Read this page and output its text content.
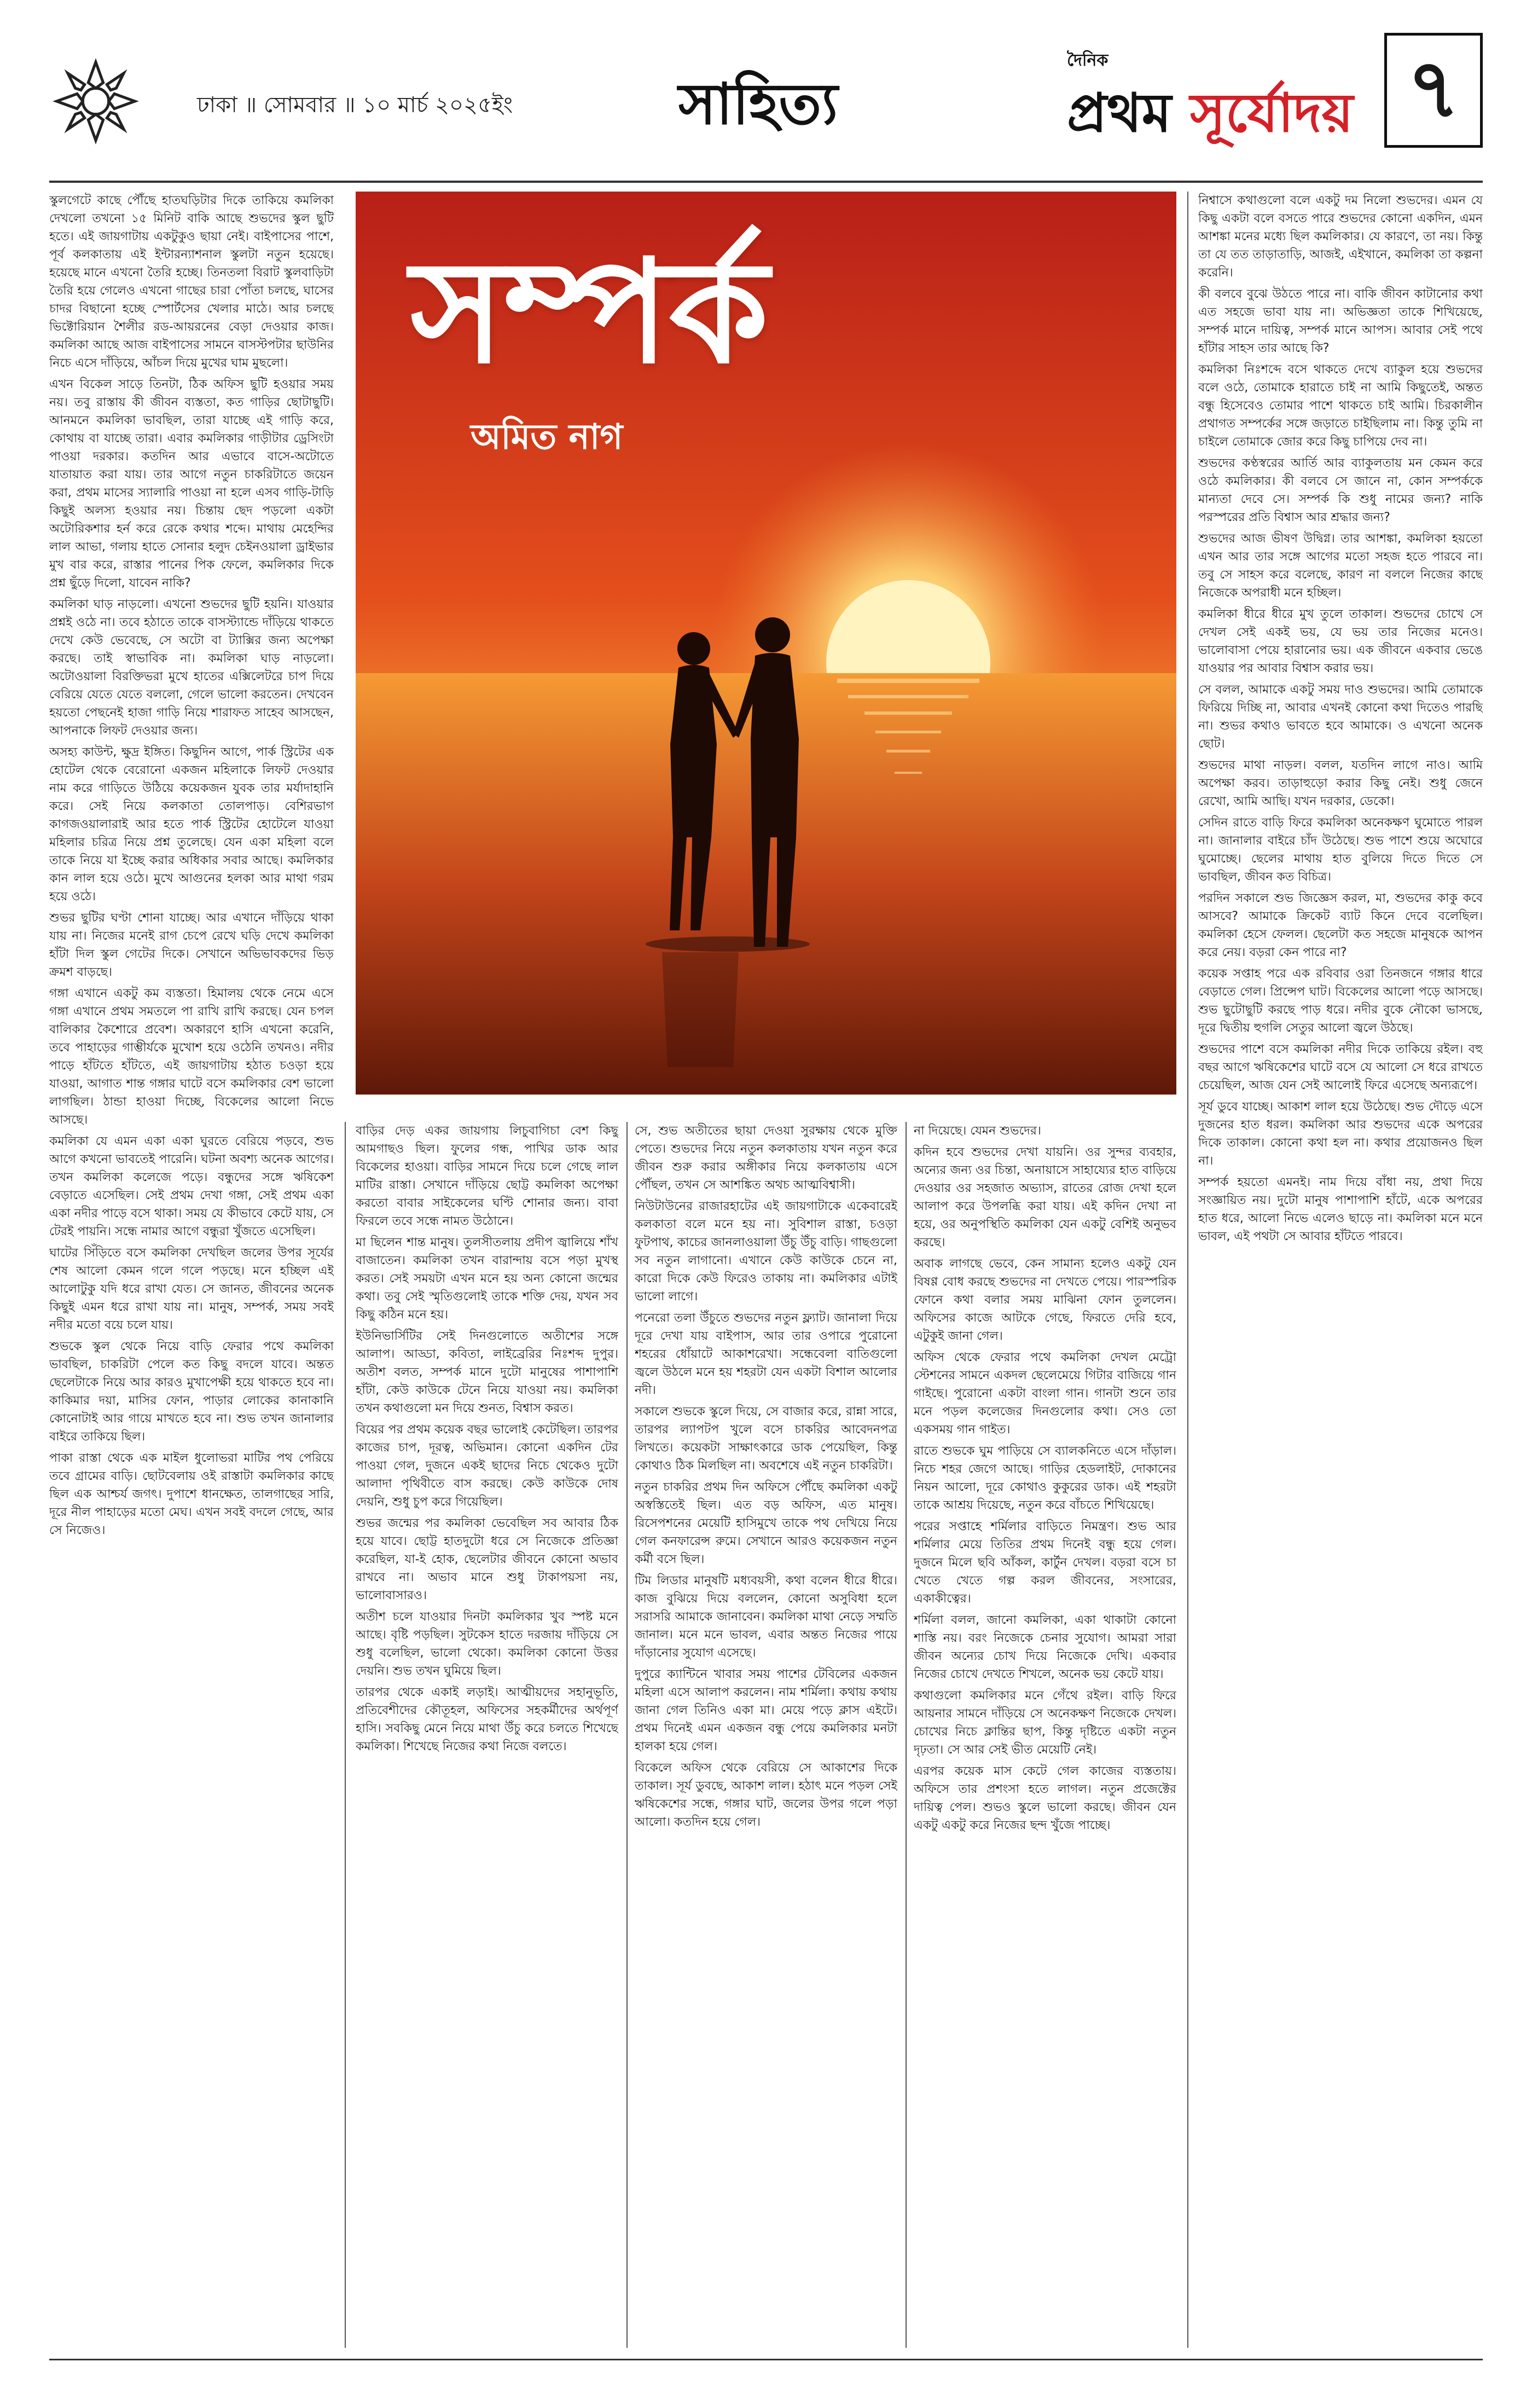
ঢাকা ॥ সোমবার ॥ ১০ মার্চ ২০২৫ইং	সাহিত্য
দৈনিক
প্রথম সূর্যোদয় ৭

স্কুলগেটে কাছে পৌঁছে হাতঘড়িটার দিকে তাকিয়ে কমলিকা দেখলো তখনো ১৫ মিনিট বাকি আছে শুভদের স্কুল ছুটি হতে। এই জায়গাটায় একটুকুও ছায়া নেই। বাইপাসের পাশে, পূর্ব কলকাতায় এই ইন্টারন্যাশনাল স্কুলটা নতুন হয়েছে। হয়েছে মানে এখনো তৈরি হচ্ছে। তিনতলা বিরাট স্কুলবাড়িটা তৈরি হয়ে গেলেও এখনো গাছের চারা পোঁতা চলছে, ঘাসের চাদর বিছানো হচ্ছে স্পোর্টসের খেলার মাঠে। আর চলছে ভিক্টোরিয়ান শৈলীর রড-আয়রনের বেড়া দেওয়ার কাজ। কমলিকা আছে আজ বাইপাসের সামনে বাসস্টপটার ছাউনির নিচে এসে দাঁড়িয়ে, আঁচল দিয়ে মুখের ঘাম মুছলো।

এখন বিকেল সাড়ে তিনটা, ঠিক অফিস ছুটি হওয়ার সময় নয়। তবু রাস্তায় কী জীবন ব্যস্ততা, কত গাড়ির ছোটাছুটি। আনমনে কমলিকা ভাবছিল, তারা যাচ্ছে এই গাড়ি করে, কোথায় বা যাচ্ছে তারা। এবার কমলিকার গাড়ীটার ড্রেসিংটা পাওয়া দরকার। কতদিন আর এভাবে বাসে-অটোতে যাতায়াত করা যায়। তার আগে নতুন চাকরিটাতে জয়েন করা, প্রথম মাসের স্যালারি পাওয়া না হলে এসব গাড়ি-টাড়ি কিছুই অলস্য হওয়ার নয়। চিন্তায় ছেদ পড়লো একটা অটোরিকশার হর্ন করে রেকে কথার শব্দে। মাথায় মেহেন্দির লাল আভা, গলায় হাতে সোনার হলুদ চেইনওয়ালা ড্রাইভার মুখ বার করে, রাস্তার পানের পিক ফেলে, কমলিকার দিকে প্রশ্ন ছুঁড়ে দিলো, যাবেন নাকি?

কমলিকা ঘাড় নাড়লো। এখনো শুভদের ছুটি হয়নি। যাওয়ার প্রশ্নই ওঠে না। তবে হঠাতে তাকে বাসস্ট্যান্ডে দাঁড়িয়ে থাকতে দেখে কেউ ভেবেছে, সে অটো বা ট্যাক্সির জন্য অপেক্ষা করছে। তাই স্বাভাবিক না। কমলিকা ঘাড় নাড়লো। অটোওয়ালা বিরক্তিভরা মুখে হাতের এক্সিলেটরে চাপ দিয়ে বেরিয়ে যেতে যেতে বললো, গেলে ভালো করতেন। দেখবেন হয়তো পেছনেই হাজা গাড়ি নিয়ে শারাফত সাহেব আসছেন, আপনাকে লিফট দেওয়ার জন্য।

অসহ্য কাউন্ট, ক্ষুদ্র ইঙ্গিত। কিছুদিন আগে, পার্ক স্ট্রিটের এক হোটেল থেকে বেরোনো একজন মহিলাকে লিফট দেওয়ার নাম করে গাড়িতে উঠিয়ে কয়েকজন যুবক তার মর্যাদাহানি করে। সেই নিয়ে কলকাতা তোলপাড়। বেশিরভাগ কাগজওয়ালারাই আর হতে পার্ক স্ট্রিটের হোটেলে যাওয়া মহিলার চরিত্র নিয়ে প্রশ্ন তুলেছে। যেন একা মহিলা বলে তাকে নিয়ে যা ইচ্ছে করার অধিকার সবার আছে। কমলিকার কান লাল হয়ে ওঠে। মুখে আগুনের হলকা আর মাথা গরম হয়ে ওঠে।

শুভর ছুটির ঘণ্টা শোনা যাচ্ছে। আর এখানে দাঁড়িয়ে থাকা যায় না। নিজের মনেই রাগ চেপে রেখে ঘড়ি দেখে কমলিকা হাঁটা দিল স্কুল গেটের দিকে। সেখানে অভিভাবকদের ভিড় ক্রমশ বাড়ছে।

গঙ্গা এখানে একটু কম ব্যস্ততা। হিমালয় থেকে নেমে এসে গঙ্গা এখানে প্রথম সমতলে পা রাখি রাখি করছে। যেন চপল বালিকার কৈশোরে প্রবেশ। অকারণে হাসি এখনো করেনি, তবে পাহাড়ের গাম্ভীর্যকে মুখোশ হয়ে ওঠেনি তখনও। নদীর পাড়ে হাঁটতে হাঁটতে, এই জায়গাটায় হঠাত চওড়া হয়ে যাওয়া, আগাত শান্ত গঙ্গার ঘাটে বসে কমলিকার বেশ ভালো লাগছিল। ঠান্ডা হাওয়া দিচ্ছে, বিকেলের আলো নিভে আসছে।

কমলিকা যে এমন একা একা ঘুরতে বেরিয়ে পড়বে, শুভ আগে কখনো ভাবতেই পারেনি। ঘটনা অবশ্য অনেক আগের। তখন কমলিকা কলেজে পড়ে। বন্ধুদের সঙ্গে ঋষিকেশ বেড়াতে এসেছিল। সেই প্রথম দেখা গঙ্গা, সেই প্রথম একা একা নদীর পাড়ে বসে থাকা। সময় যে কীভাবে কেটে যায়, সে টেরই পায়নি। সন্ধে নামার আগে বন্ধুরা খুঁজতে এসেছিল।

ঘাটের সিঁড়িতে বসে কমলিকা দেখছিল জলের উপর সূর্যের শেষ আলো কেমন গলে গলে পড়ছে। মনে হচ্ছিল এই আলোটুকু যদি ধরে রাখা যেত। সে জানত, জীবনের অনেক কিছুই এমন ধরে রাখা যায় না। মানুষ, সম্পর্ক, সময় সবই নদীর মতো বয়ে চলে যায়।

শুভকে স্কুল থেকে নিয়ে বাড়ি ফেরার পথে কমলিকা ভাবছিল, চাকরিটা পেলে কত কিছু বদলে যাবে। অন্তত ছেলেটাকে নিয়ে আর কারও মুখাপেক্ষী হয়ে থাকতে হবে না। কাকিমার দয়া, মাসির ফোন, পাড়ার লোকের কানাকানি কোনোটাই আর গায়ে মাখতে হবে না। শুভ তখন জানালার বাইরে তাকিয়ে ছিল।

পাকা রাস্তা থেকে এক মাইল ধুলোভরা মাটির পথ পেরিয়ে তবে গ্রামের বাড়ি। ছোটবেলায় ওই রাস্তাটা কমলিকার কাছে ছিল এক আশ্চর্য জগৎ। দুপাশে ধানক্ষেত, তালগাছের সারি, দূরে নীল পাহাড়ের মতো মেঘ। এখন সবই বদলে গেছে, আর সে নিজেও।

সম্পর্ক
অমিত নাগ

বাড়ির দেড় একর জায়গায় লিচুবাগিচা বেশ কিছু আমগাছও ছিল। ফুলের গন্ধ, পাখির ডাক আর বিকেলের হাওয়া। বাড়ির সামনে দিয়ে চলে গেছে লাল মাটির রাস্তা। সেখানে দাঁড়িয়ে ছোট্ট কমলিকা অপেক্ষা করতো বাবার সাইকেলের ঘণ্টি শোনার জন্য। বাবা ফিরলে তবে সন্ধে নামত উঠোনে।

মা ছিলেন শান্ত মানুষ। তুলসীতলায় প্রদীপ জ্বালিয়ে শাঁখ বাজাতেন। কমলিকা তখন বারান্দায় বসে পড়া মুখস্থ করত। সেই সময়টা এখন মনে হয় অন্য কোনো জন্মের কথা। তবু সেই স্মৃতিগুলোই তাকে শক্তি দেয়, যখন সব কিছু কঠিন মনে হয়।

ইউনিভার্সিটির সেই দিনগুলোতে অতীশের সঙ্গে আলাপ। আড্ডা, কবিতা, লাইব্রেরির নিঃশব্দ দুপুর। অতীশ বলত, সম্পর্ক মানে দুটো মানুষের পাশাপাশি হাঁটা, কেউ কাউকে টেনে নিয়ে যাওয়া নয়। কমলিকা তখন কথাগুলো মন দিয়ে শুনত, বিশ্বাস করত।

বিয়ের পর প্রথম কয়েক বছর ভালোই কেটেছিল। তারপর কাজের চাপ, দূরত্ব, অভিমান। কোনো একদিন টের পাওয়া গেল, দুজনে একই ছাদের নিচে থেকেও দুটো আলাদা পৃথিবীতে বাস করছে। কেউ কাউকে দোষ দেয়নি, শুধু চুপ করে গিয়েছিল।

শুভর জন্মের পর কমলিকা ভেবেছিল সব আবার ঠিক হয়ে যাবে। ছোট্ট হাতদুটো ধরে সে নিজেকে প্রতিজ্ঞা করেছিল, যা-ই হোক, ছেলেটার জীবনে কোনো অভাব রাখবে না। অভাব মানে শুধু টাকাপয়সা নয়, ভালোবাসারও।

অতীশ চলে যাওয়ার দিনটা কমলিকার খুব স্পষ্ট মনে আছে। বৃষ্টি পড়ছিল। সুটকেস হাতে দরজায় দাঁড়িয়ে সে শুধু বলেছিল, ভালো থেকো। কমলিকা কোনো উত্তর দেয়নি। শুভ তখন ঘুমিয়ে ছিল।

তারপর থেকে একাই লড়াই। আত্মীয়দের সহানুভূতি, প্রতিবেশীদের কৌতূহল, অফিসের সহকর্মীদের অর্থপূর্ণ হাসি। সবকিছু মেনে নিয়ে মাথা উঁচু করে চলতে শিখেছে কমলিকা। শিখেছে নিজের কথা নিজে বলতে।

সে, শুভ অতীতের ছায়া দেওয়া সুরক্ষায় থেকে মুক্তি পেতে। শুভদের নিয়ে নতুন কলকাতায় যখন নতুন করে জীবন শুরু করার অঙ্গীকার নিয়ে কলকাতায় এসে পৌঁছল, তখন সে আশঙ্কিত অথচ আত্মবিশ্বাসী।

নিউটাউনের রাজারহাটের এই জায়গাটাকে একেবারেই কলকাতা বলে মনে হয় না। সুবিশাল রাস্তা, চওড়া ফুটপাথ, কাচের জানলাওয়ালা উঁচু উঁচু বাড়ি। গাছগুলো সব নতুন লাগানো। এখানে কেউ কাউকে চেনে না, কারো দিকে কেউ ফিরেও তাকায় না। কমলিকার এটাই ভালো লাগে।

পনেরো তলা উঁচুতে শুভদের নতুন ফ্ল্যাট। জানালা দিয়ে দূরে দেখা যায় বাইপাস, আর তার ওপারে পুরোনো শহরের ধোঁয়াটে আকাশরেখা। সন্ধেবেলা বাতিগুলো জ্বলে উঠলে মনে হয় শহরটা যেন একটা বিশাল আলোর নদী।

সকালে শুভকে স্কুলে দিয়ে, সে বাজার করে, রান্না সারে, তারপর ল্যাপটপ খুলে বসে চাকরির আবেদনপত্র লিখতে। কয়েকটা সাক্ষাৎকারে ডাক পেয়েছিল, কিন্তু কোথাও ঠিক মিলছিল না। অবশেষে এই নতুন চাকরিটা।

নতুন চাকরির প্রথম দিন অফিসে পৌঁছে কমলিকা একটু অস্বস্তিতেই ছিল। এত বড় অফিস, এত মানুষ। রিসেপশনের মেয়েটি হাসিমুখে তাকে পথ দেখিয়ে নিয়ে গেল কনফারেন্স রুমে। সেখানে আরও কয়েকজন নতুন কর্মী বসে ছিল।

টিম লিডার মানুষটি মধ্যবয়সী, কথা বলেন ধীরে ধীরে। কাজ বুঝিয়ে দিয়ে বললেন, কোনো অসুবিধা হলে সরাসরি আমাকে জানাবেন। কমলিকা মাথা নেড়ে সম্মতি জানাল। মনে মনে ভাবল, এবার অন্তত নিজের পায়ে দাঁড়ানোর সুযোগ এসেছে।

দুপুরে ক্যান্টিনে খাবার সময় পাশের টেবিলের একজন মহিলা এসে আলাপ করলেন। নাম শর্মিলা। কথায় কথায় জানা গেল তিনিও একা মা। মেয়ে পড়ে ক্লাস এইটে। প্রথম দিনেই এমন একজন বন্ধু পেয়ে কমলিকার মনটা হালকা হয়ে গেল।

বিকেলে অফিস থেকে বেরিয়ে সে আকাশের দিকে তাকাল। সূর্য ডুবছে, আকাশ লাল। হঠাৎ মনে পড়ল সেই ঋষিকেশের সন্ধে, গঙ্গার ঘাট, জলের উপর গলে পড়া আলো। কতদিন হয়ে গেল।

না দিয়েছে। যেমন শুভদের।

কদিন হবে শুভদের দেখা যায়নি। ওর সুন্দর ব্যবহার, অন্যের জন্য ওর চিন্তা, অনায়াসে সাহায্যের হাত বাড়িয়ে দেওয়ার ওর সহজাত অভ্যাস, রাতের রোজ দেখা হলে আলাপ করে উপলব্ধি করা যায়। এই কদিন দেখা না হয়ে, ওর অনুপস্থিতি কমলিকা যেন একটু বেশিই অনুভব করছে।

অবাক লাগছে ভেবে, কেন সামান্য হলেও একটু যেন বিষণ্ণ বোধ করছে শুভদের না দেখতে পেয়ে। পারস্পরিক ফোনে কথা বলার সময় মাঝিনা ফোন তুললেন। অফিসের কাজে আটকে গেছে, ফিরতে দেরি হবে, এটুকুই জানা গেল।

অফিস থেকে ফেরার পথে কমলিকা দেখল মেট্রো স্টেশনের সামনে একদল ছেলেমেয়ে গিটার বাজিয়ে গান গাইছে। পুরোনো একটা বাংলা গান। গানটা শুনে তার মনে পড়ল কলেজের দিনগুলোর কথা। সেও তো একসময় গান গাইত।

রাতে শুভকে ঘুম পাড়িয়ে সে ব্যালকনিতে এসে দাঁড়াল। নিচে শহর জেগে আছে। গাড়ির হেডলাইট, দোকানের নিয়ন আলো, দূরে কোথাও কুকুরের ডাক। এই শহরটা তাকে আশ্রয় দিয়েছে, নতুন করে বাঁচতে শিখিয়েছে।

পরের সপ্তাহে শর্মিলার বাড়িতে নিমন্ত্রণ। শুভ আর শর্মিলার মেয়ে তিতির প্রথম দিনেই বন্ধু হয়ে গেল। দুজনে মিলে ছবি আঁকল, কার্টুন দেখল। বড়রা বসে চা খেতে খেতে গল্প করল জীবনের, সংসারের, একাকীত্বের।

শর্মিলা বলল, জানো কমলিকা, একা থাকাটা কোনো শাস্তি নয়। বরং নিজেকে চেনার সুযোগ। আমরা সারা জীবন অন্যের চোখ দিয়ে নিজেকে দেখি। একবার নিজের চোখে দেখতে শিখলে, অনেক ভয় কেটে যায়।

কথাগুলো কমলিকার মনে গেঁথে রইল। বাড়ি ফিরে আয়নার সামনে দাঁড়িয়ে সে অনেকক্ষণ নিজেকে দেখল। চোখের নিচে ক্লান্তির ছাপ, কিন্তু দৃষ্টিতে একটা নতুন দৃঢ়তা। সে আর সেই ভীত মেয়েটি নেই।

এরপর কয়েক মাস কেটে গেল কাজের ব্যস্ততায়। অফিসে তার প্রশংসা হতে লাগল। নতুন প্রজেক্টের দায়িত্ব পেল। শুভও স্কুলে ভালো করছে। জীবন যেন একটু একটু করে নিজের ছন্দ খুঁজে পাচ্ছে।

নিশ্বাসে কথাগুলো বলে একটু দম নিলো শুভদের। এমন যে কিছু একটা বলে বসতে পারে শুভদের কোনো একদিন, এমন আশঙ্কা মনের মধ্যে ছিল কমলিকার। যে কারণে, তা নয়। কিন্তু তা যে তত তাড়াতাড়ি, আজই, এইখানে, কমলিকা তা কল্পনা করেনি।

কী বলবে বুঝে উঠতে পারে না। বাকি জীবন কাটানোর কথা এত সহজে ভাবা যায় না। অভিজ্ঞতা তাকে শিখিয়েছে, সম্পর্ক মানে দায়িত্ব, সম্পর্ক মানে আপস। আবার সেই পথে হাঁটার সাহস তার আছে কি?

কমলিকা নিঃশব্দে বসে থাকতে দেখে ব্যাকুল হয়ে শুভদের বলে ওঠে, তোমাকে হারাতে চাই না আমি কিছুতেই, অন্তত বন্ধু হিসেবেও তোমার পাশে থাকতে চাই আমি। চিরকালীন প্রথাগত সম্পর্কের সঙ্গে জড়াতে চাইছিলাম না। কিন্তু তুমি না চাইলে তোমাকে জোর করে কিছু চাপিয়ে দেব না।

শুভদের কণ্ঠস্বরের আর্তি আর ব্যাকুলতায় মন কেমন করে ওঠে কমলিকার। কী বলবে সে জানে না, কোন সম্পর্ককে মান্যতা দেবে সে। সম্পর্ক কি শুধু নামের জন্য? নাকি পরস্পরের প্রতি বিশ্বাস আর শ্রদ্ধার জন্য?

শুভদের আজ ভীষণ উদ্বিগ্ন। তার আশঙ্কা, কমলিকা হয়তো এখন আর তার সঙ্গে আগের মতো সহজ হতে পারবে না। তবু সে সাহস করে বলেছে, কারণ না বললে নিজের কাছে নিজেকে অপরাধী মনে হচ্ছিল।

কমলিকা ধীরে ধীরে মুখ তুলে তাকাল। শুভদের চোখে সে দেখল সেই একই ভয়, যে ভয় তার নিজের মনেও। ভালোবাসা পেয়ে হারানোর ভয়। এক জীবনে একবার ভেঙে যাওয়ার পর আবার বিশ্বাস করার ভয়।

সে বলল, আমাকে একটু সময় দাও শুভদের। আমি তোমাকে ফিরিয়ে দিচ্ছি না, আবার এখনই কোনো কথা দিতেও পারছি না। শুভর কথাও ভাবতে হবে আমাকে। ও এখনো অনেক ছোট।

শুভদের মাথা নাড়ল। বলল, যতদিন লাগে নাও। আমি অপেক্ষা করব। তাড়াহুড়ো করার কিছু নেই। শুধু জেনে রেখো, আমি আছি। যখন দরকার, ডেকো।

সেদিন রাতে বাড়ি ফিরে কমলিকা অনেকক্ষণ ঘুমোতে পারল না। জানালার বাইরে চাঁদ উঠেছে। শুভ পাশে শুয়ে অঘোরে ঘুমোচ্ছে। ছেলের মাথায় হাত বুলিয়ে দিতে দিতে সে ভাবছিল, জীবন কত বিচিত্র।

পরদিন সকালে শুভ জিজ্ঞেস করল, মা, শুভদের কাকু কবে আসবে? আমাকে ক্রিকেট ব্যাট কিনে দেবে বলেছিল। কমলিকা হেসে ফেলল। ছেলেটা কত সহজে মানুষকে আপন করে নেয়। বড়রা কেন পারে না?

কয়েক সপ্তাহ পরে এক রবিবার ওরা তিনজনে গঙ্গার ধারে বেড়াতে গেল। প্রিন্সেপ ঘাট। বিকেলের আলো পড়ে আসছে। শুভ ছুটোছুটি করছে পাড় ধরে। নদীর বুকে নৌকো ভাসছে, দূরে দ্বিতীয় হুগলি সেতুর আলো জ্বলে উঠছে।

শুভদের পাশে বসে কমলিকা নদীর দিকে তাকিয়ে রইল। বহু বছর আগে ঋষিকেশের ঘাটে বসে যে আলো সে ধরে রাখতে চেয়েছিল, আজ যেন সেই আলোই ফিরে এসেছে অন্যরূপে।

সূর্য ডুবে যাচ্ছে। আকাশ লাল হয়ে উঠেছে। শুভ দৌড়ে এসে দুজনের হাত ধরল। কমলিকা আর শুভদের একে অপরের দিকে তাকাল। কোনো কথা হল না। কথার প্রয়োজনও ছিল না।

সম্পর্ক হয়তো এমনই। নাম দিয়ে বাঁধা নয়, প্রথা দিয়ে সংজ্ঞায়িত নয়। দুটো মানুষ পাশাপাশি হাঁটে, একে অপরের হাত ধরে, আলো নিভে এলেও ছাড়ে না। কমলিকা মনে মনে ভাবল, এই পথটা সে আবার হাঁটতে পারবে।
